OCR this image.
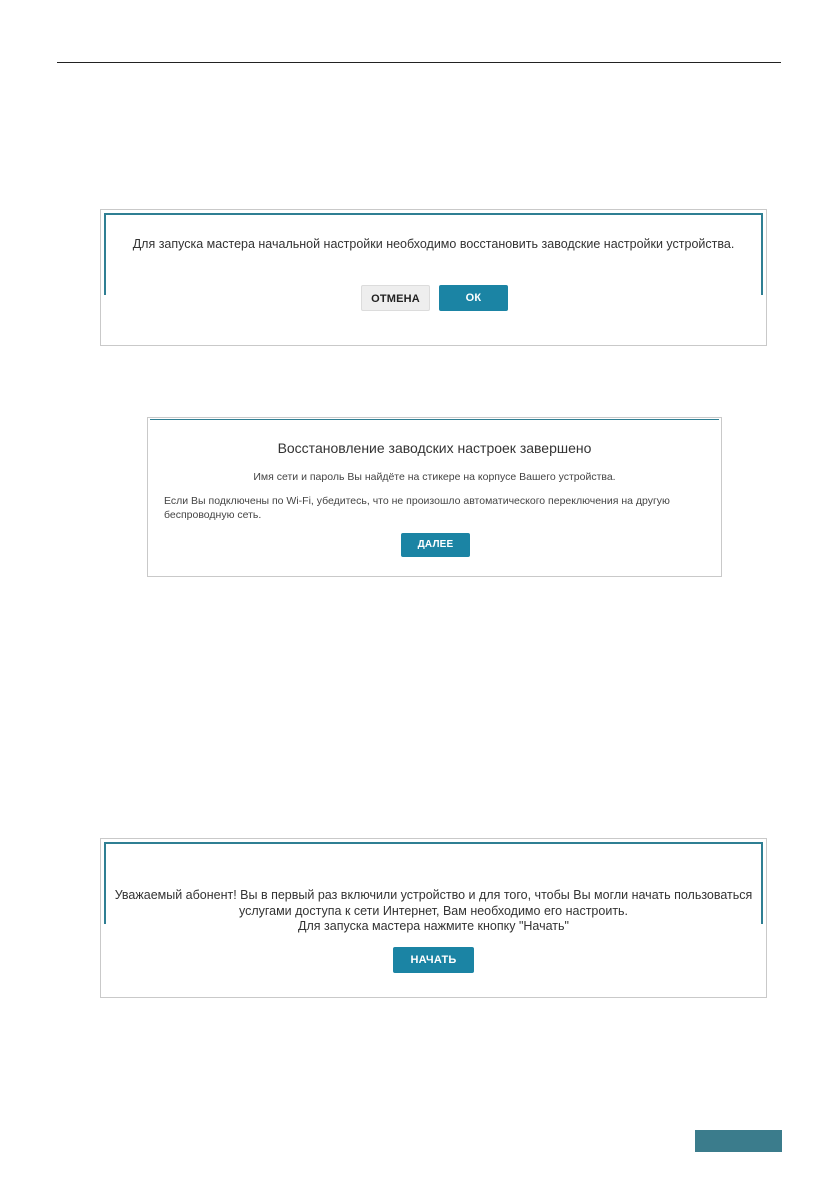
Для запуска мастера начальной настройки необходимо восстановить заводские настройки устройства.
ОТМЕНА	ОК
Восстановление заводских настроек завершено
Имя сети и пароль Вы найдёте на стикере на корпусе Вашего устройства.
Если Вы подключены по Wi-Fi, убедитесь, что не произошло автоматического переключения на другую
беспроводную сеть.
ДАЛЕЕ
Уважаемый абонент! Вы в первый раз включили устройство и для того, чтобы Вы могли начать пользоваться
услугами доступа к сети Интернет, Вам необходимо его настроить.
Для запуска мастера нажмите кнопку "Начать"
НАЧАТЬ
